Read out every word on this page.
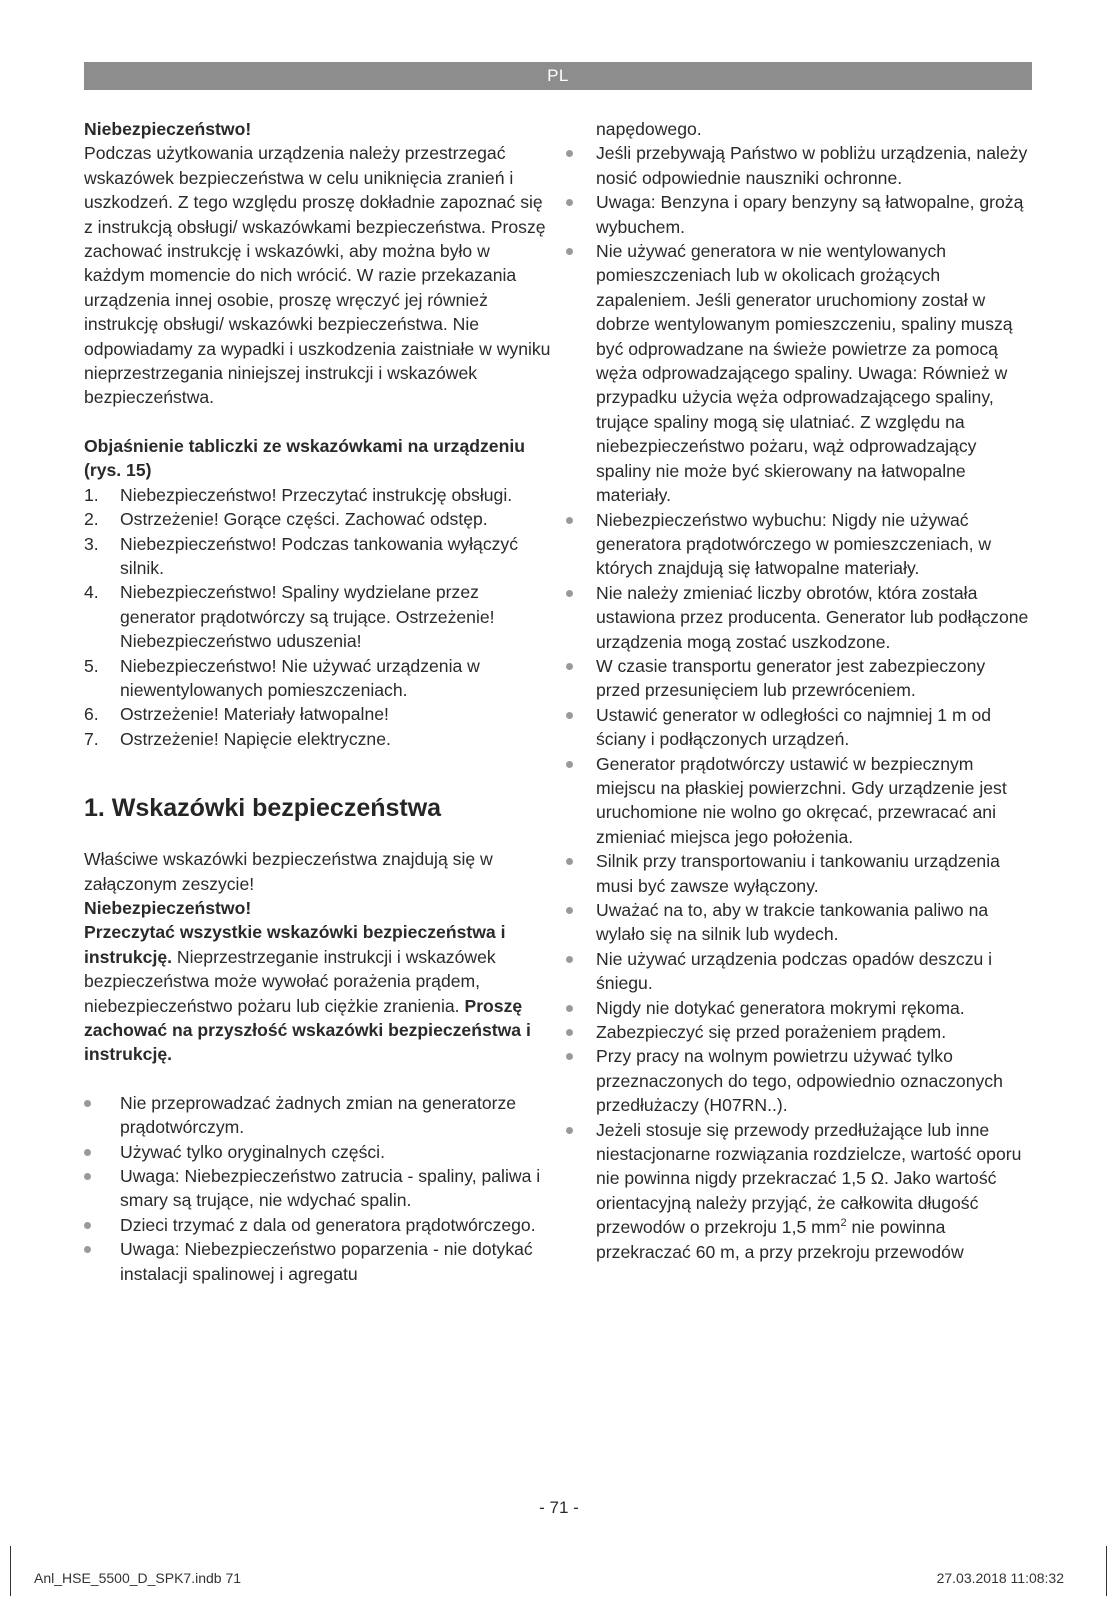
PL

Niebezpieczeństwo!

Podczas użytkowania urządzenia należy przestrzegać wskazówek bezpieczeństwa w celu uniknięcia zranień i uszkodzeń. Z tego względu proszę dokładnie zapoznać się z instrukcją obsługi/ wskazówkami bezpieczeństwa. Proszę zachować instrukcję i wskazówki, aby można było w każdym momencie do nich wrócić. W razie przekazania urządzenia innej osobie, proszę wręczyć jej również instrukcję obsługi/ wskazówki bezpieczeństwa. Nie odpowiadamy za wypadki i uszkodzenia zaistniałe w wyniku nieprzestrzegania niniejszej instrukcji i wskazówek bezpieczeństwa.

Objaśnienie tabliczki ze wskazówkami na urządzeniu (rys. 15)

1. Niebezpieczeństwo! Przeczytać instrukcję obsługi.
2. Ostrzeżenie! Gorące części. Zachować odstęp.
3. Niebezpieczeństwo! Podczas tankowania wyłączyć silnik.
4. Niebezpieczeństwo! Spaliny wydzielane przez generator prądotwórczy są trujące. Ostrzeżenie! Niebezpieczeństwo uduszenia!
5. Niebezpieczeństwo! Nie używać urządzenia w niewentylowanych pomieszczeniach.
6. Ostrzeżenie! Materiały łatwopalne!
7. Ostrzeżenie! Napięcie elektryczne.
1. Wskazówki bezpieczeństwa

Właściwe wskazówki bezpieczeństwa znajdują się w załączonym zeszycie!

Niebezpieczeństwo!

Przeczytać wszystkie wskazówki bezpieczeństwa i instrukcję. Nieprzestrzeganie instrukcji i wskazówek bezpieczeństwa może wywołać porażenia prądem, niebezpieczeństwo pożaru lub ciężkie zranienia. Proszę zachować na przyszłość wskazówki bezpieczeństwa i instrukcję.

Nie przeprowadzać żadnych zmian na generatorze prądotwórczym.
Używać tylko oryginalnych części.
Uwaga: Niebezpieczeństwo zatrucia - spaliny, paliwa i smary są trujące, nie wdychać spalin.
Dzieci trzymać z dala od generatora prądotwórczego.
Uwaga: Niebezpieczeństwo poparzenia - nie dotykać instalacji spalinowej i agregatu

napędowego.

Jeśli przebywają Państwo w pobliżu urządzenia, należy nosić odpowiednie nauszniki ochronne.
Uwaga: Benzyna i opary benzyny są łatwopalne, grożą wybuchem.
Nie używać generatora w nie wentylowanych pomieszczeniach lub w okolicach grożących zapaleniem. Jeśli generator uruchomiony został w dobrze wentylowanym pomieszczeniu, spaliny muszą być odprowadzane na świeże powietrze za pomocą węża odprowadzającego spaliny. Uwaga: Również w przypadku użycia węża odprowadzającego spaliny, trujące spaliny mogą się ulatniać. Z względu na niebezpieczeństwo pożaru, wąż odprowadzający spaliny nie może być skierowany na łatwopalne materiały.
Niebezpieczeństwo wybuchu: Nigdy nie używać generatora prądotwórczego w pomieszczeniach, w których znajdują się łatwopalne materiały.
Nie należy zmieniać liczby obrotów, która została ustawiona przez producenta. Generator lub podłączone urządzenia mogą zostać uszkodzone.
W czasie transportu generator jest zabezpieczony przed przesunięciem lub przewróceniem.
Ustawić generator w odległości co najmniej 1 m od ściany i podłączonych urządzeń.
Generator prądotwórczy ustawić w bezpiecznym miejscu na płaskiej powierzchni. Gdy urządzenie jest uruchomione nie wolno go okręcać, przewracać ani zmieniać miejsca jego położenia.
Silnik przy transportowaniu i tankowaniu urządzenia musi być zawsze wyłączony.
Uważać na to, aby w trakcie tankowania paliwo na wylało się na silnik lub wydech.
Nie używać urządzenia podczas opadów deszczu i śniegu.
Nigdy nie dotykać generatora mokrymi rękoma.
Zabezpieczyć się przed porażeniem prądem.
Przy pracy na wolnym powietrzu używać tylko przeznaczonych do tego, odpowiednio oznaczonych przedłużaczy (H07RN..).
Jeżeli stosuje się przewody przedłużające lub inne niestacjonarne rozwiązania rozdzielcze, wartość oporu nie powinna nigdy przekraczać 1,5 Ω. Jako wartość orientacyjną należy przyjąć, że całkowita długość przewodów o przekroju 1,5 $mm^2$ nie powinna przekraczać 60 m, a przy przekroju przewodów
- 71 -
Anl_HSE_5500_D_SPK7.indb 71	27.03.2018 11:08:32
